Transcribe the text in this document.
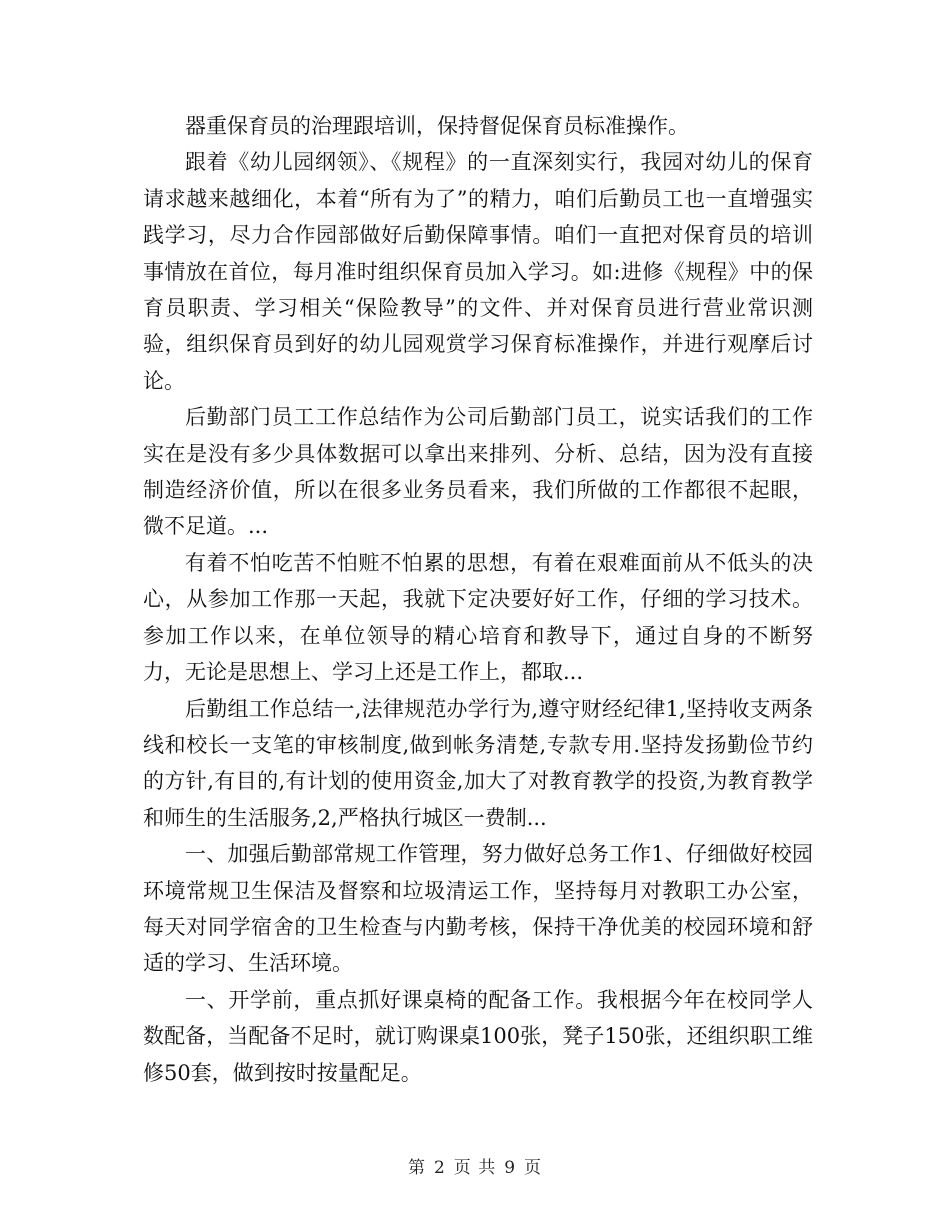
器重保育员的治理跟培训，保持督促保育员标准操作。

跟着《幼儿园纲领》、《规程》的一直深刻实行，我园对幼儿的保育请求越来越细化，本着“所有为了”的精力，咱们后勤员工也一直增强实践学习，尽力合作园部做好后勤保障事情。咱们一直把对保育员的培训事情放在首位，每月准时组织保育员加入学习。如:进修《规程》中的保育员职责、学习相关“保险教导”的文件、并对保育员进行营业常识测验，组织保育员到好的幼儿园观赏学习保育标准操作，并进行观摩后讨论。

后勤部门员工工作总结作为公司后勤部门员工，说实话我们的工作实在是没有多少具体数据可以拿出来排列、分析、总结，因为没有直接制造经济价值，所以在很多业务员看来，我们所做的工作都很不起眼，微不足道。...

有着不怕吃苦不怕赃不怕累的思想，有着在艰难面前从不低头的决心，从参加工作那一天起，我就下定决要好好工作，仔细的学习技术。参加工作以来，在单位领导的精心培育和教导下，通过自身的不断努力，无论是思想上、学习上还是工作上，都取...

后勤组工作总结一,法律规范办学行为,遵守财经纪律1,坚持收支两条线和校长一支笔的审核制度,做到帐务清楚,专款专用.坚持发扬勤俭节约的方针,有目的,有计划的使用资金,加大了对教育教学的投资,为教育教学和师生的生活服务,2,严格执行城区一费制...

一、加强后勤部常规工作管理，努力做好总务工作1、仔细做好校园环境常规卫生保洁及督察和垃圾清运工作，坚持每月对教职工办公室，每天对同学宿舍的卫生检查与内勤考核，保持干净优美的校园环境和舒适的学习、生活环境。

一、开学前，重点抓好课桌椅的配备工作。我根据今年在校同学人数配备，当配备不足时，就订购课桌100张，凳子150张，还组织职工维修50套，做到按时按量配足。

第 2 页 共 9 页
